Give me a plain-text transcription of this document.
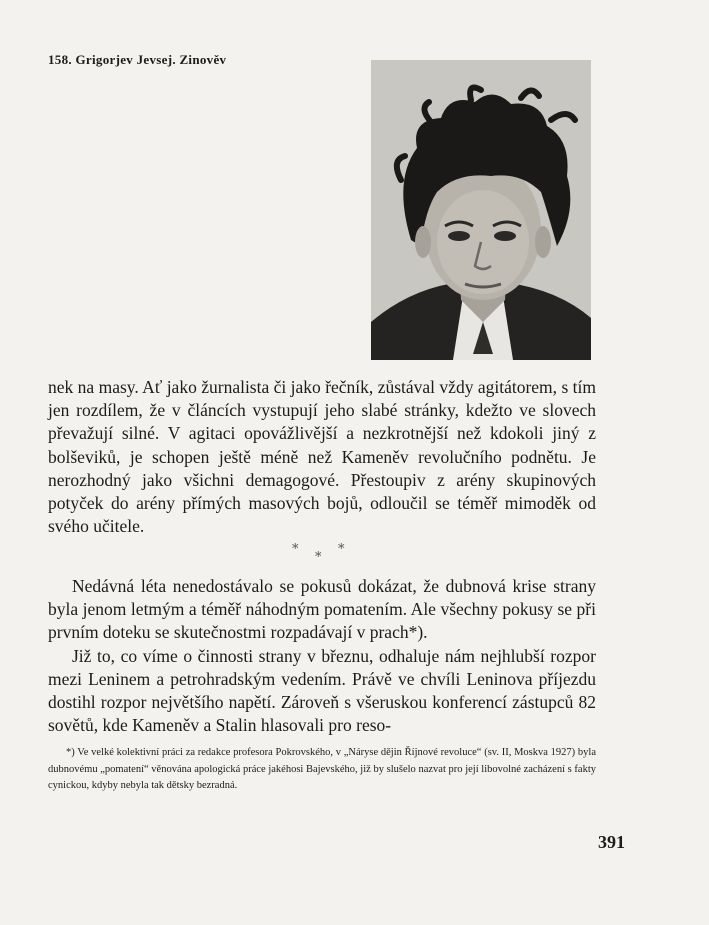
158. Grigorjev Jevsej. Zinověv

nek na masy. Ať jako žurnalista či jako řečník, zůstával vždy agitátorem, s tím jen rozdílem, že v článcích vystupují jeho slabé stránky, kdežto ve slovech převažují silné. V agitaci opovážlivější a nezkrotnější než kdokoli jiný z bolševiků, je schopen ještě méně než Kameněv revolučního podnětu. Je nerozhodný jako všichni demagogové. Přestoupiv z arény skupinových potyček do arény přímých masových bojů, odloučil se téměř mimoděk od svého učitele.

*	*
*

Nedávná léta nenedostávalo se pokusů dokázat, že dubnová krise strany byla jenom letmým a téměř náhodným pomatením. Ale všechny pokusy se při prvním doteku se skutečnostmi rozpadávají v prach*).

Již to, co víme o činnosti strany v březnu, odhaluje nám nejhlubší rozpor mezi Leninem a petrohradským vedením. Právě ve chvíli Leninova příjezdu dostihl rozpor největšího napětí. Zároveň s všeruskou konferencí zástupců 82 sovětů, kde Kameněv a Stalin hlasovali pro reso-

*) Ve velké kolektivní práci za redakce profesora Pokrovského, v „Nárysе dějin Říjnové revoluce“ (sv. II, Moskva 1927) byla dubnovému „pomatení“ věnována apologická práce jakéhosi Bajevského, již by slušelo nazvat pro její libovolné zacházení s fakty cynickou, kdyby nebyla tak dětsky bezradná.

391
